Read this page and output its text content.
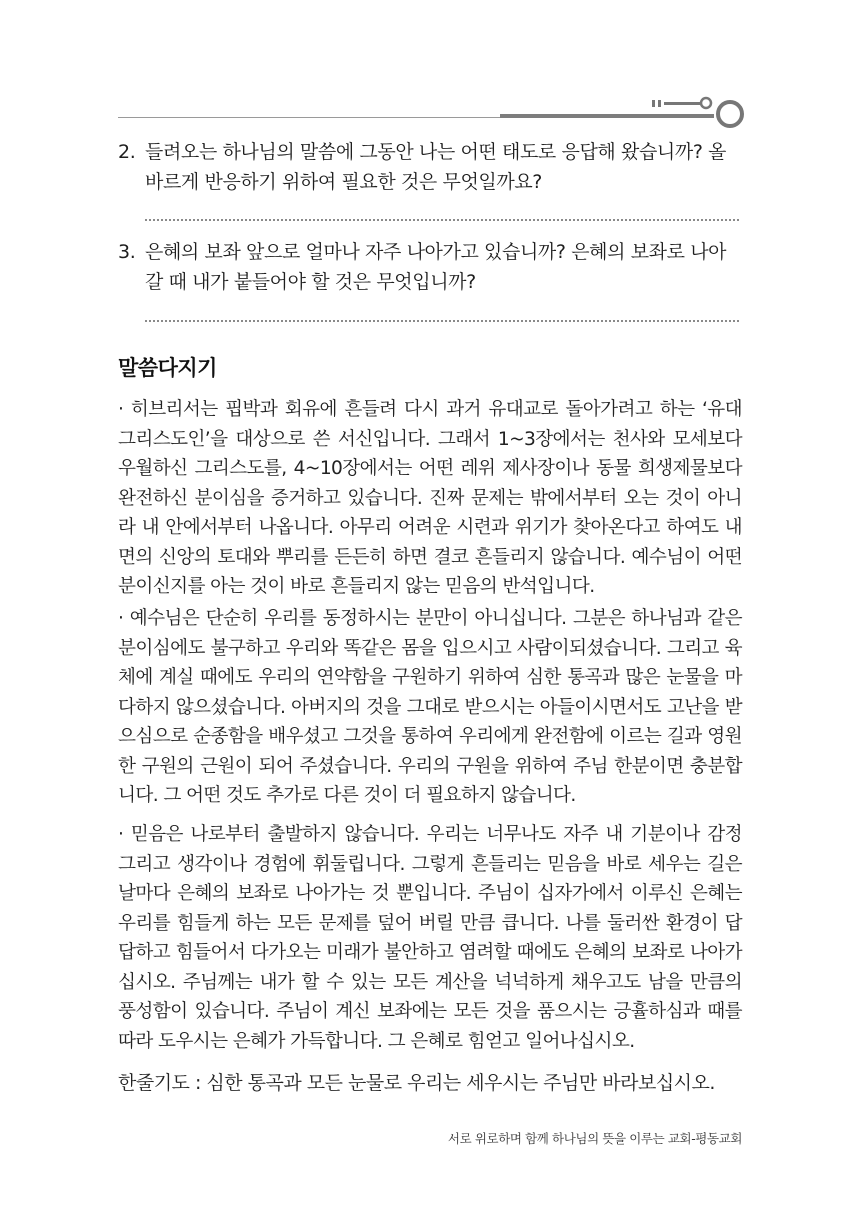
2. 들려오는 하나님의 말씀에 그동안 나는 어떤 태도로 응답해 왔습니까? 올바르게 반응하기 위하여 필요한 것은 무엇일까요?
3. 은혜의 보좌 앞으로 얼마나 자주 나아가고 있습니까? 은혜의 보좌로 나아갈 때 내가 붙들어야 할 것은 무엇입니까?
말씀다지기
· 히브리서는 핍박과 회유에 흔들려 다시 과거 유대교로 돌아가려고 하는 ‘유대 그리스도인’을 대상으로 쓴 서신입니다. 그래서 1~3장에서는 천사와 모세보다 우월하신 그리스도를, 4~10장에서는 어떤 레위 제사장이나 동물 희생제물보다 완전하신 분이심을 증거하고 있습니다. 진짜 문제는 밖에서부터 오는 것이 아니라 내 안에서부터 나옵니다. 아무리 어려운 시련과 위기가 찾아온다고 하여도 내면의 신앙의 토대와 뿌리를 든든히 하면 결코 흔들리지 않습니다. 예수님이 어떤 분이신지를 아는 것이 바로 흔들리지 않는 믿음의 반석입니다.
· 예수님은 단순히 우리를 동정하시는 분만이 아니십니다. 그분은 하나님과 같은 분이심에도 불구하고 우리와 똑같은 몸을 입으시고 사람이되셨습니다. 그리고 육체에 계실 때에도 우리의 연약함을 구원하기 위하여 심한 통곡과 많은 눈물을 마다하지 않으셨습니다. 아버지의 것을 그대로 받으시는 아들이시면서도 고난을 받으심으로 순종함을 배우셨고 그것을 통하여 우리에게 완전함에 이르는 길과 영원한 구원의 근원이 되어 주셨습니다. 우리의 구원을 위하여 주님 한분이면 충분합니다. 그 어떤 것도 추가로 다른 것이 더 필요하지 않습니다.
· 믿음은 나로부터 출발하지 않습니다. 우리는 너무나도 자주 내 기분이나 감정 그리고 생각이나 경험에 휘둘립니다. 그렇게 흔들리는 믿음을 바로 세우는 길은 날마다 은혜의 보좌로 나아가는 것 뿐입니다. 주님이 십자가에서 이루신 은혜는 우리를 힘들게 하는 모든 문제를 덮어 버릴 만큼 큽니다. 나를 둘러싼 환경이 답답하고 힘들어서 다가오는 미래가 불안하고 염려할 때에도 은혜의 보좌로 나아가십시오. 주님께는 내가 할 수 있는 모든 계산을 넉넉하게 채우고도 남을 만큼의 풍성함이 있습니다. 주님이 계신 보좌에는 모든 것을 품으시는 긍휼하심과 때를 따라 도우시는 은혜가 가득합니다. 그 은혜로 힘얻고 일어나십시오.
한줄기도 : 심한 통곡과 모든 눈물로 우리는 세우시는 주님만 바라보십시오.
서로 위로하며 함께 하나님의 뜻을 이루는 교회-평동교회
